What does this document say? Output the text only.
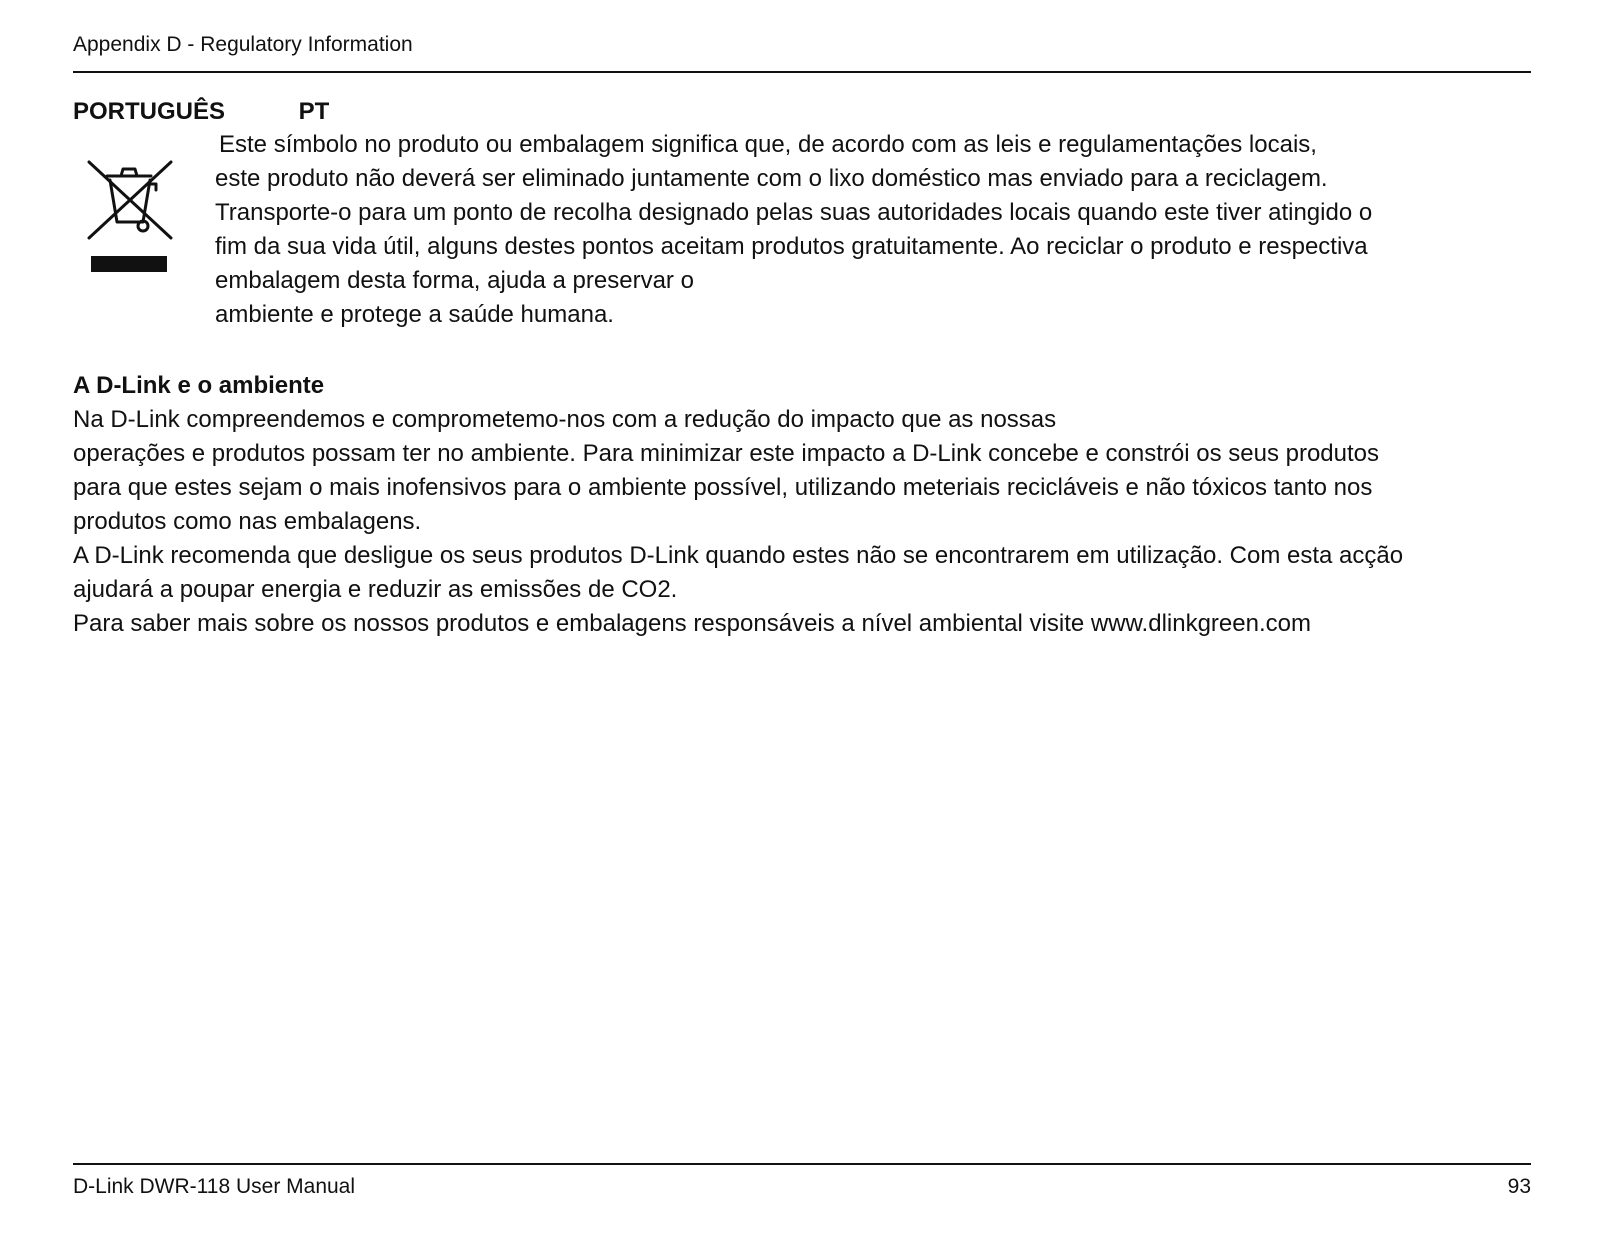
Appendix D - Regulatory Information
PORTUGUÊS	PT
Este símbolo no produto ou embalagem significa que, de acordo com as leis e regulamentações locais,
este produto não deverá ser eliminado juntamente com o lixo doméstico mas enviado para a reciclagem.
Transporte-o para um ponto de recolha designado pelas suas autoridades locais quando este tiver atingido o
fim da sua vida útil, alguns destes pontos aceitam produtos gratuitamente. Ao reciclar o produto e respectiva
embalagem desta forma, ajuda a preservar o
ambiente e protege a saúde humana.
A D-Link e o ambiente
Na D-Link compreendemos e comprometemo-nos com a redução do impacto que as nossas
operações e produtos possam ter no ambiente. Para minimizar este impacto a D-Link concebe e constrói os seus produtos
para que estes sejam o mais inofensivos para o ambiente possível, utilizando meteriais recicláveis e não tóxicos tanto nos
produtos como nas embalagens.
A D-Link recomenda que desligue os seus produtos D-Link quando estes não se encontrarem em utilização. Com esta acção
ajudará a poupar energia e reduzir as emissões de CO2.
Para saber mais sobre os nossos produtos e embalagens responsáveis a nível ambiental visite www.dlinkgreen.com
D-Link DWR-118 User Manual	93
